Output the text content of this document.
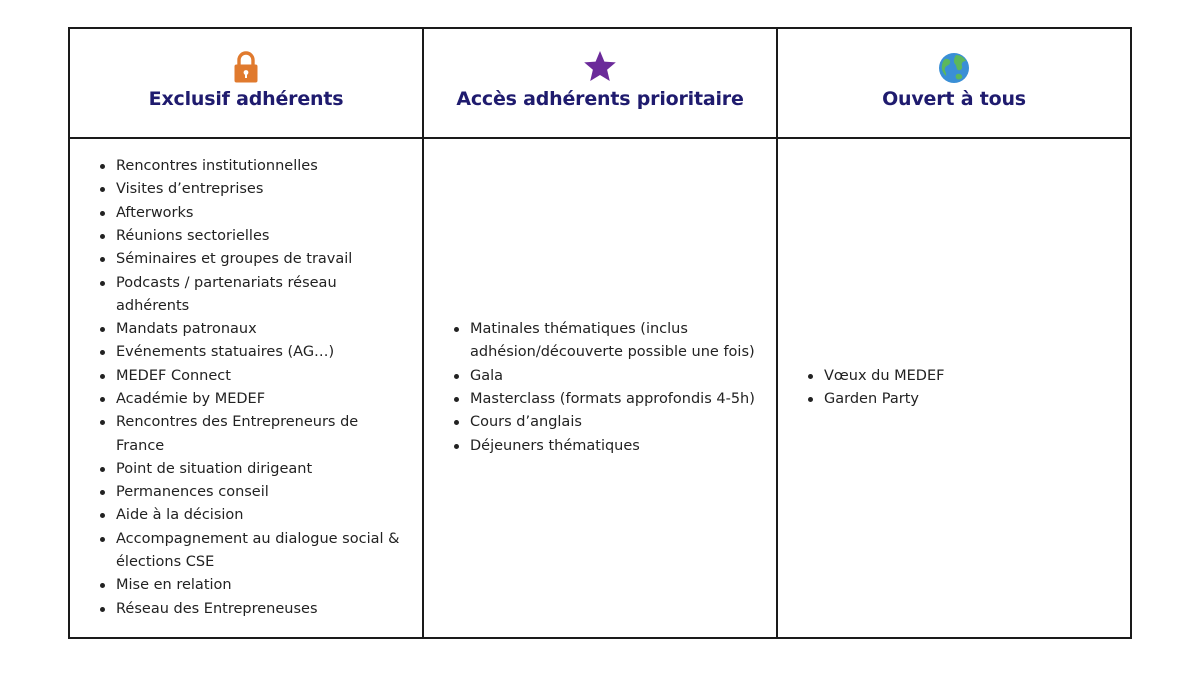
Exclusif adhérents	Accès adhérents prioritaire	Ouvert à tous
Rencontres institutionnelles
Visites d’entreprises
Afterworks
Réunions sectorielles
Séminaires et groupes de travail
Podcasts / partenariats réseau adhérents
Mandats patronaux
Evénements statuaires (AG…)
MEDEF Connect
Académie by MEDEF
Rencontres des Entrepreneurs de France
Point de situation dirigeant
Permanences conseil
Aide à la décision
Accompagnement au dialogue social & élections CSE
Mise en relation
Réseau des Entrepreneuses
Matinales thématiques (inclus adhésion/découverte possible une fois)
Gala
Masterclass (formats approfondis 4-5h)
Cours d’anglais
Déjeuners thématiques
Vœux du MEDEF
Garden Party
